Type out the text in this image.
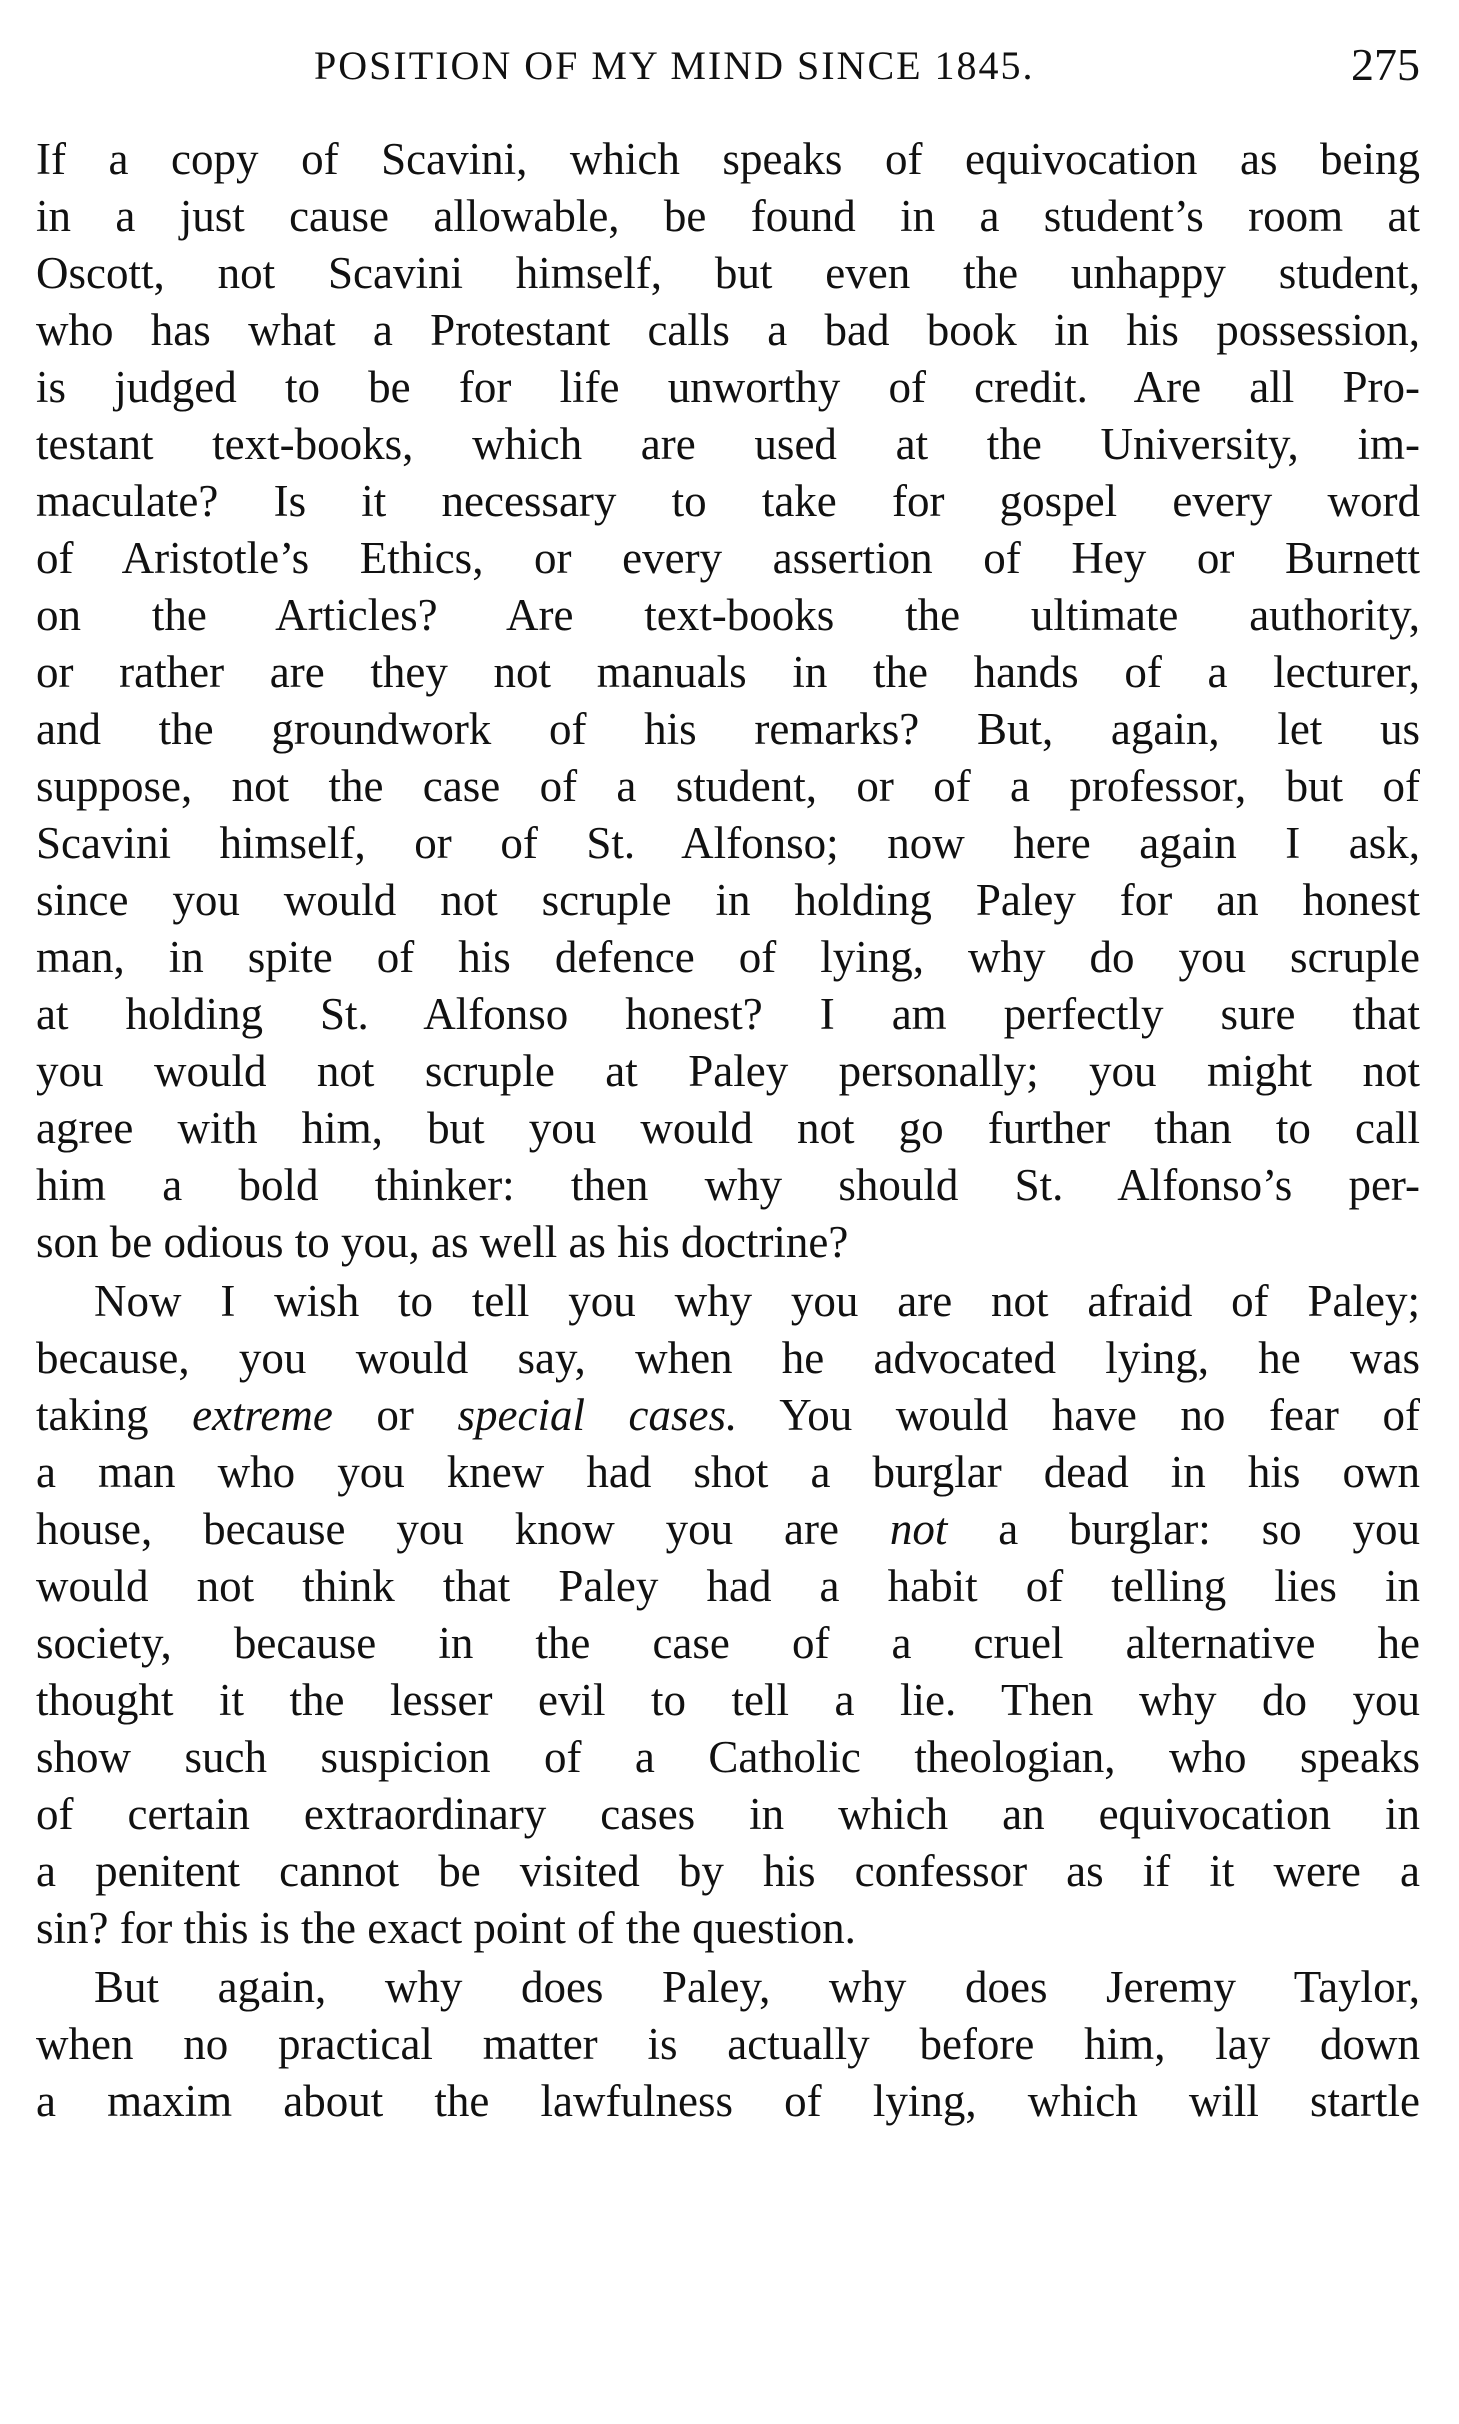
POSITION OF MY MIND SINCE 1845.	275
If a copy of Scavini, which speaks of equivocation as being
in a just cause allowable, be found in a student’s room at
Oscott, not Scavini himself, but even the unhappy student,
who has what a Protestant calls a bad book in his possession,
is judged to be for life unworthy of credit. Are all Pro-
testant text-books, which are used at the University, im-
maculate? Is it necessary to take for gospel every word
of Aristotle’s Ethics, or every assertion of Hey or Burnett
on the Articles? Are text-books the ultimate authority,
or rather are they not manuals in the hands of a lecturer,
and the groundwork of his remarks? But, again, let us
suppose, not the case of a student, or of a professor, but of
Scavini himself, or of St. Alfonso; now here again I ask,
since you would not scruple in holding Paley for an honest
man, in spite of his defence of lying, why do you scruple
at holding St. Alfonso honest? I am perfectly sure that
you would not scruple at Paley personally; you might not
agree with him, but you would not go further than to call
him a bold thinker: then why should St. Alfonso’s per-
son be odious to you, as well as his doctrine?
Now I wish to tell you why you are not afraid of Paley;
because, you would say, when he advocated lying, he was
taking extreme or special cases. You would have no fear of
a man who you knew had shot a burglar dead in his own
house, because you know you are not a burglar: so you
would not think that Paley had a habit of telling lies in
society, because in the case of a cruel alternative he
thought it the lesser evil to tell a lie. Then why do you
show such suspicion of a Catholic theologian, who speaks
of certain extraordinary cases in which an equivocation in
a penitent cannot be visited by his confessor as if it were a
sin? for this is the exact point of the question.
But again, why does Paley, why does Jeremy Taylor,
when no practical matter is actually before him, lay down
a maxim about the lawfulness of lying, which will startle
